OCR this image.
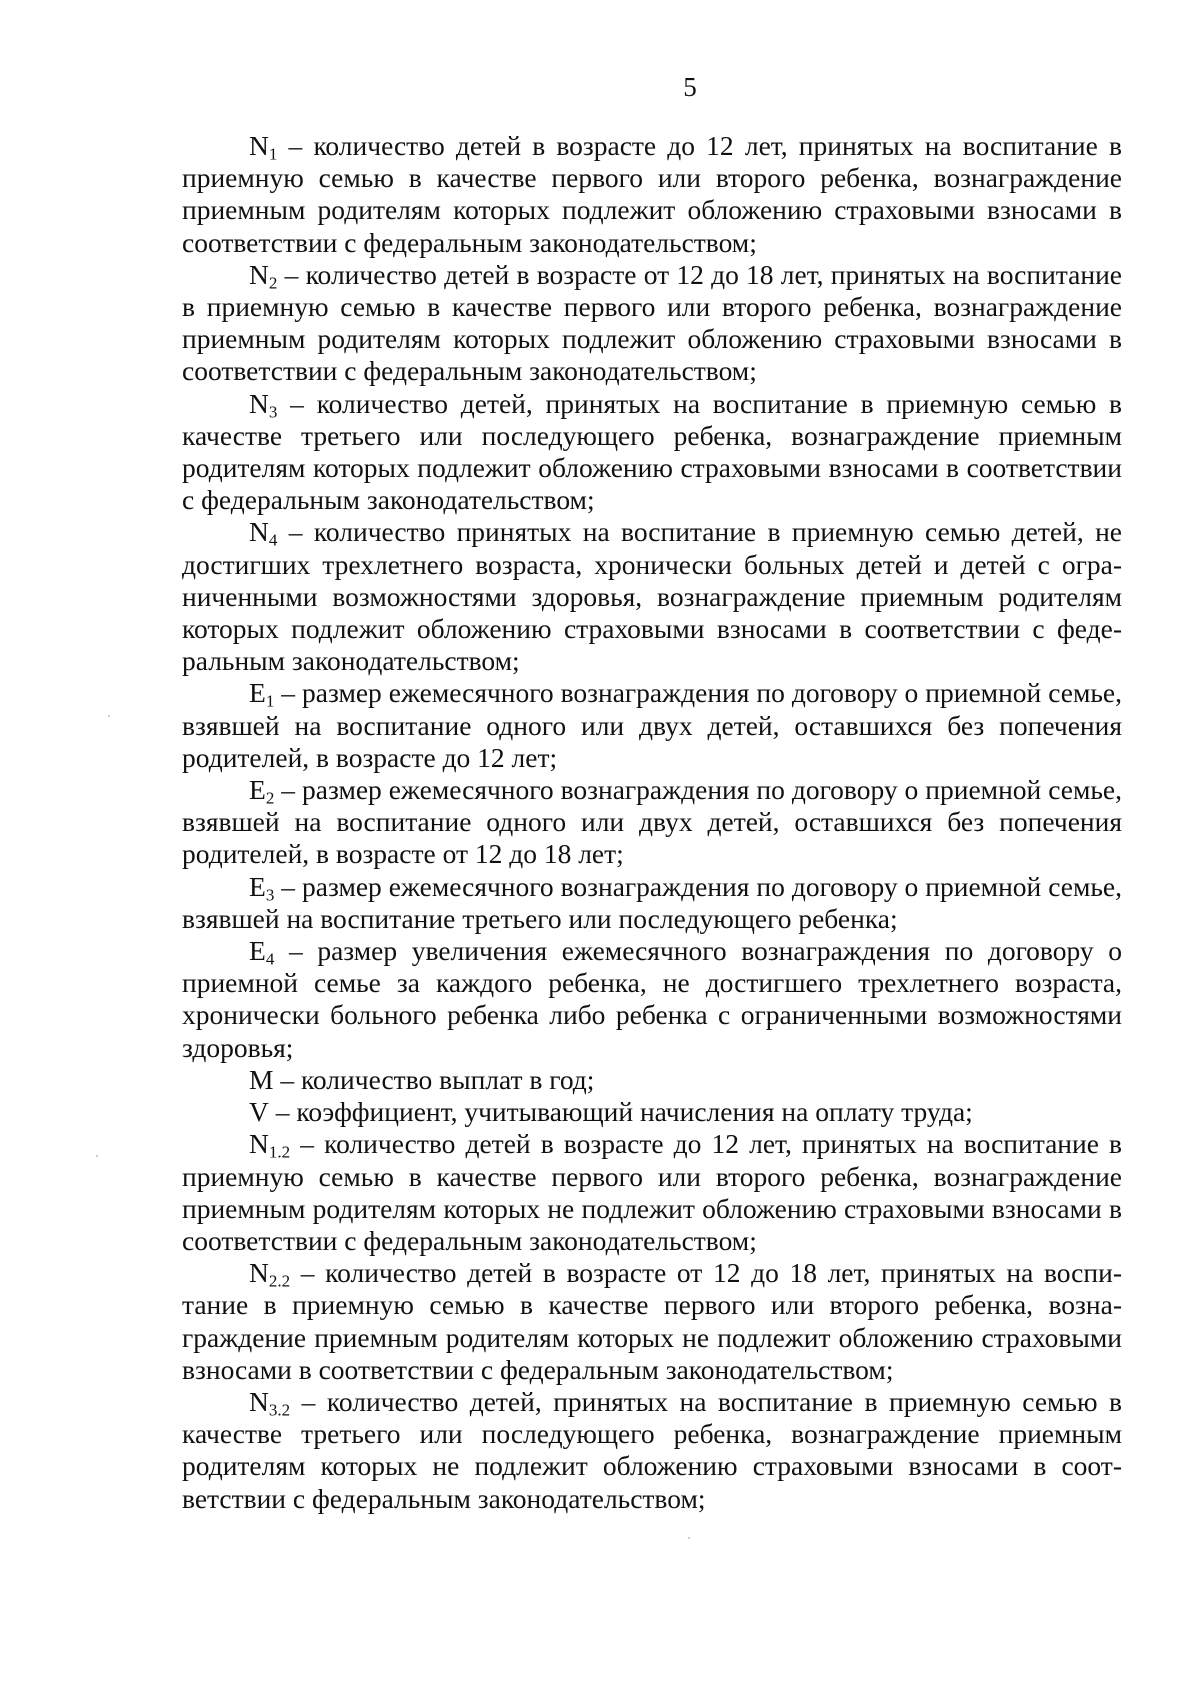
5

$N_1$ – количество детей в возрасте до 12 лет, принятых на воспитание в приемную семью в качестве первого или второго ребенка, вознаграждение приемным родителям которых подлежит обложению страховыми взносами в соответствии с федеральным законодательством;

$N_2$ – количество детей в возрасте от 12 до 18 лет, принятых на воспитание в приемную семью в качестве первого или второго ребенка, вознаграждение приемным родителям которых подлежит обложению страховыми взносами в соответствии с федеральным законодательством;

$N_3$ – количество детей, принятых на воспитание в приемную семью в качестве третьего или последующего ребенка, вознаграждение приемным родителям которых подлежит обложению страховыми взносами в соответствии с федеральным законодательством;

$N_4$ – количество принятых на воспитание в приемную семью детей, не достигших трехлетнего возраста, хронически больных детей и детей с ограниченными возможностями здоровья, вознаграждение приемным родителям которых подлежит обложению страховыми взносами в соответствии с федеральным законодательством;

$E_1$ – размер ежемесячного вознаграждения по договору о приемной семье, взявшей на воспитание одного или двух детей, оставшихся без попечения родителей, в возрасте до 12 лет;

$E_2$ – размер ежемесячного вознаграждения по договору о приемной семье, взявшей на воспитание одного или двух детей, оставшихся без попечения родителей, в возрасте от 12 до 18 лет;

$E_3$ – размер ежемесячного вознаграждения по договору о приемной семье, взявшей на воспитание третьего или последующего ребенка;

$E_4$ – размер увеличения ежемесячного вознаграждения по договору о приемной семье за каждого ребенка, не достигшего трехлетнего возраста, хронически больного ребенка либо ребенка с ограниченными возможностями здоровья;

M – количество выплат в год;

V – коэффициент, учитывающий начисления на оплату труда;

$N_{1.2}$ – количество детей в возрасте до 12 лет, принятых на воспитание в приемную семью в качестве первого или второго ребенка, вознаграждение приемным родителям которых не подлежит обложению страховыми взносами в соответствии с федеральным законодательством;

$N_{2.2}$ – количество детей в возрасте от 12 до 18 лет, принятых на воспитание в приемную семью в качестве первого или второго ребенка, вознаграждение приемным родителям которых не подлежит обложению страховыми взносами в соответствии с федеральным законодательством;

$N_{3.2}$ – количество детей, принятых на воспитание в приемную семью в качестве третьего или последующего ребенка, вознаграждение приемным родителям которых не подлежит обложению страховыми взносами в соответствии с федеральным законодательством;
